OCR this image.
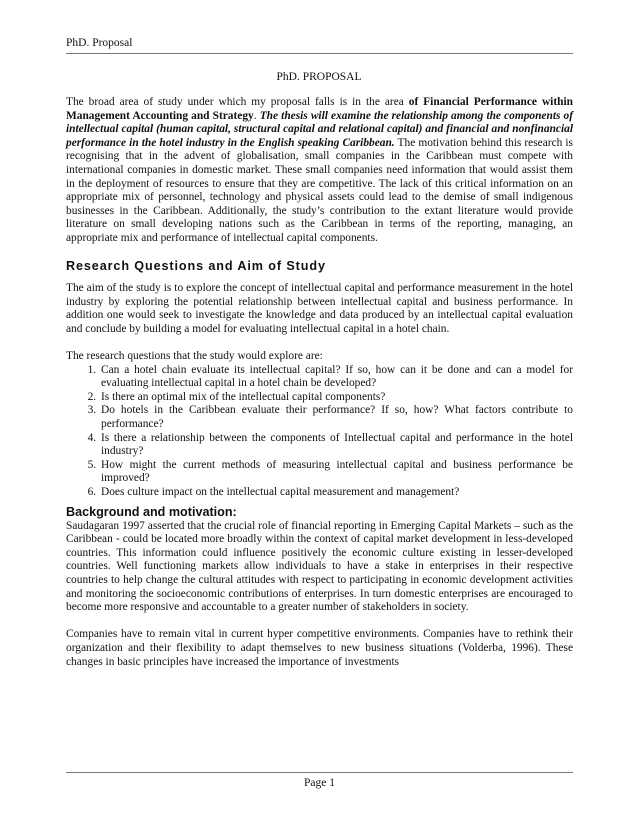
PhD. Proposal
PhD. PROPOSAL

The broad area of study under which my proposal falls is in the area of Financial Performance within Management Accounting and Strategy. The thesis will examine the relationship among the components of intellectual capital (human capital, structural capital and relational capital) and financial and nonfinancial performance in the hotel industry in the English speaking Caribbean. The motivation behind this research is recognising that in the advent of globalisation, small companies in the Caribbean must compete with international companies in domestic market. These small companies need information that would assist them in the deployment of resources to ensure that they are competitive. The lack of this critical information on an appropriate mix of personnel, technology and physical assets could lead to the demise of small indigenous businesses in the Caribbean. Additionally, the study’s contribution to the extant literature would provide literature on small developing nations such as the Caribbean in terms of the reporting, managing, an appropriate mix and performance of intellectual capital components.

Research Questions and Aim of Study

The aim of the study is to explore the concept of intellectual capital and performance measurement in the hotel industry by exploring the potential relationship between intellectual capital and business performance. In addition one would seek to investigate the knowledge and data produced by an intellectual capital evaluation and conclude by building a model for evaluating intellectual capital in a hotel chain.

The research questions that the study would explore are:

1. Can a hotel chain evaluate its intellectual capital? If so, how can it be done and can a model for evaluating intellectual capital in a hotel chain be developed?
2. Is there an optimal mix of the intellectual capital components?
3. Do hotels in the Caribbean evaluate their performance? If so, how? What factors contribute to performance?
4. Is there a relationship between the components of Intellectual capital and performance in the hotel industry?
5. How might the current methods of measuring intellectual capital and business performance be improved?
6. Does culture impact on the intellectual capital measurement and management?
Background and motivation:

Saudagaran 1997 asserted that the crucial role of financial reporting in Emerging Capital Markets – such as the Caribbean - could be located more broadly within the context of capital market development in less-developed countries. This information could influence positively the economic culture existing in lesser-developed countries. Well functioning markets allow individuals to have a stake in enterprises in their respective countries to help change the cultural attitudes with respect to participating in economic development activities and monitoring the socioeconomic contributions of enterprises. In turn domestic enterprises are encouraged to become more responsive and accountable to a greater number of stakeholders in society.

Companies have to remain vital in current hyper competitive environments. Companies have to rethink their organization and their flexibility to adapt themselves to new business situations (Volderba, 1996). These changes in basic principles have increased the importance of investments

Page 1
